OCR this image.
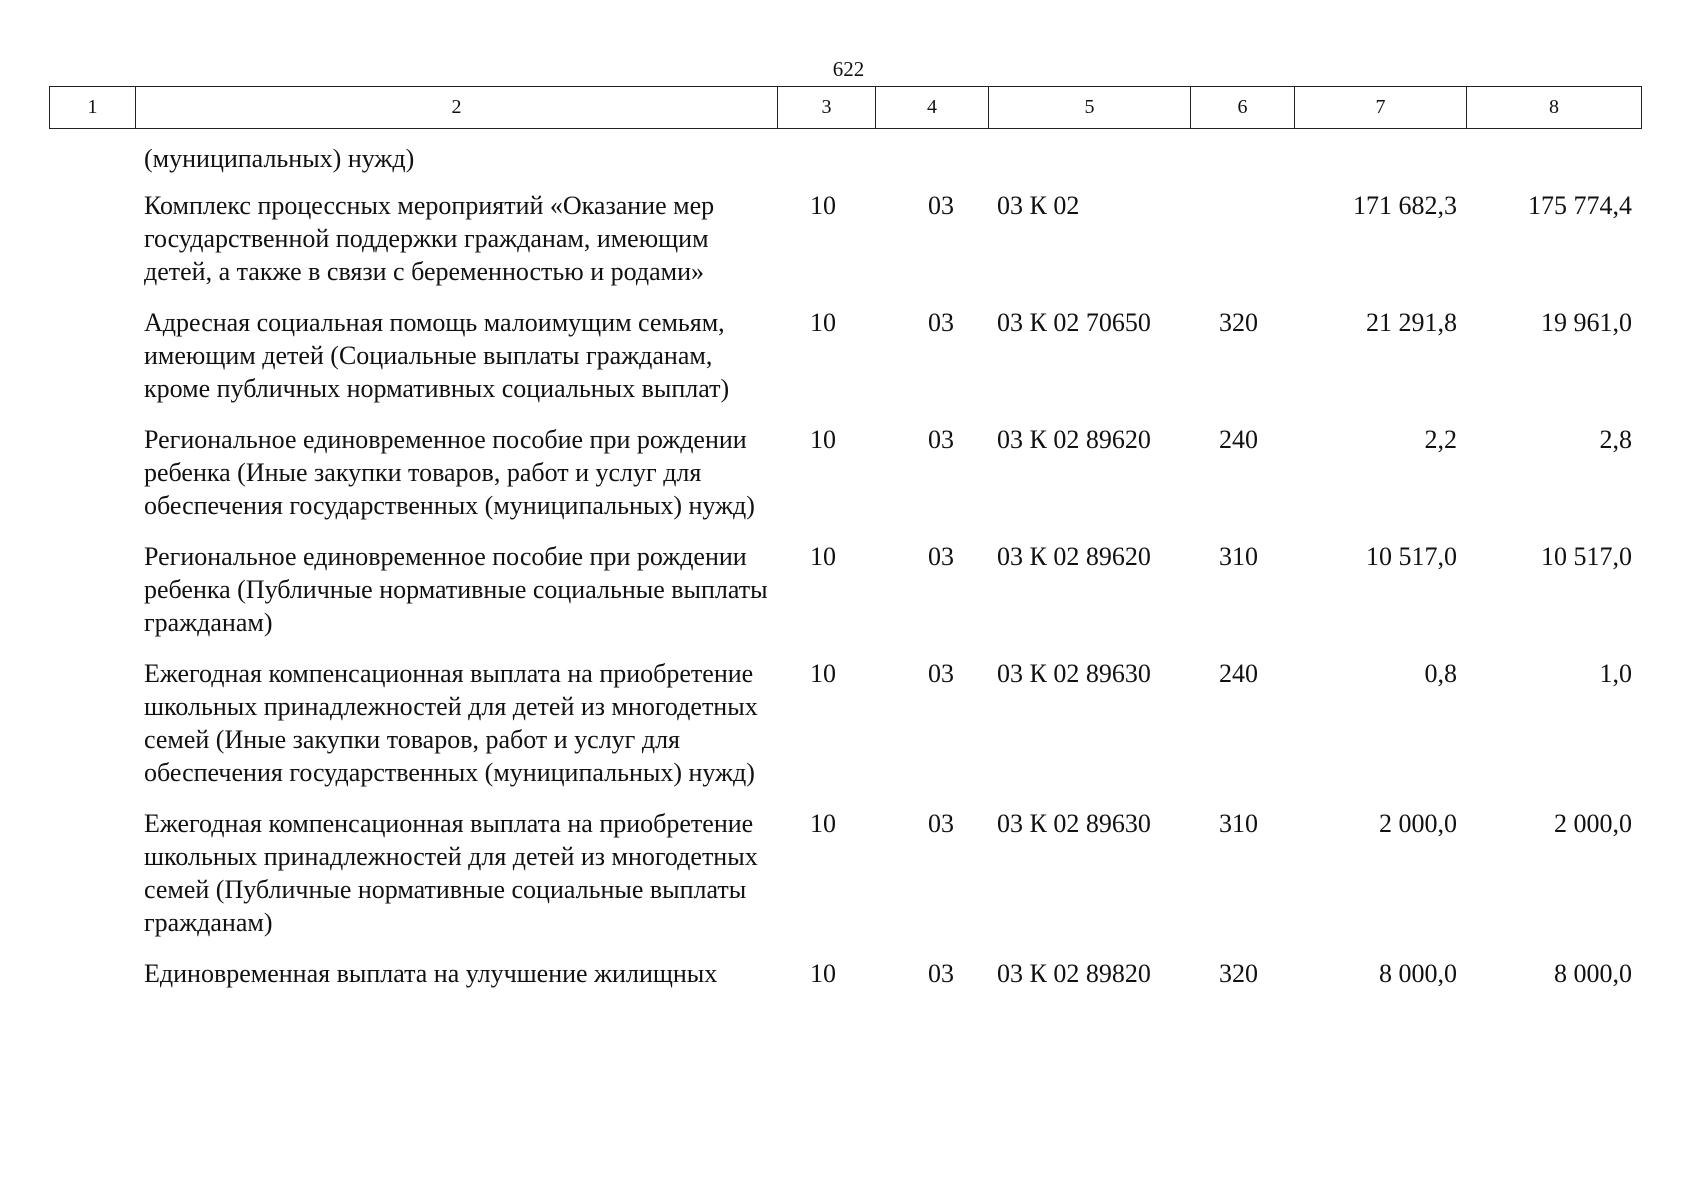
622
1	2	3	4	5	6	7	8
(муниципальных) нужд)						
Комплекс процессных мероприятий «Оказание мер государственной поддержки гражданам, имеющим детей, а также в связи с беременностью и родами»	10	03	03 К 02		171 682,3	175 774,4
Адресная социальная помощь малоимущим семьям, имеющим детей (Социальные выплаты гражданам, кроме публичных нормативных социальных выплат)	10	03	03 К 02 70650	320	21 291,8	19 961,0
Региональное единовременное пособие при рождении ребенка (Иные закупки товаров, работ и услуг для обеспечения государственных (муниципальных) нужд)	10	03	03 К 02 89620	240	2,2	2,8
Региональное единовременное пособие при рождении ребенка (Публичные нормативные социальные выплаты гражданам)	10	03	03 К 02 89620	310	10 517,0	10 517,0
Ежегодная компенсационная выплата на приобретение школьных принадлежностей для детей из многодетных семей (Иные закупки товаров, работ и услуг для обеспечения государственных (муниципальных) нужд)	10	03	03 К 02 89630	240	0,8	1,0
Ежегодная компенсационная выплата на приобретение школьных принадлежностей для детей из многодетных семей (Публичные нормативные социальные выплаты гражданам)	10	03	03 К 02 89630	310	2 000,0	2 000,0
Единовременная выплата на улучшение жилищных	10	03	03 К 02 89820	320	8 000,0	8 000,0
